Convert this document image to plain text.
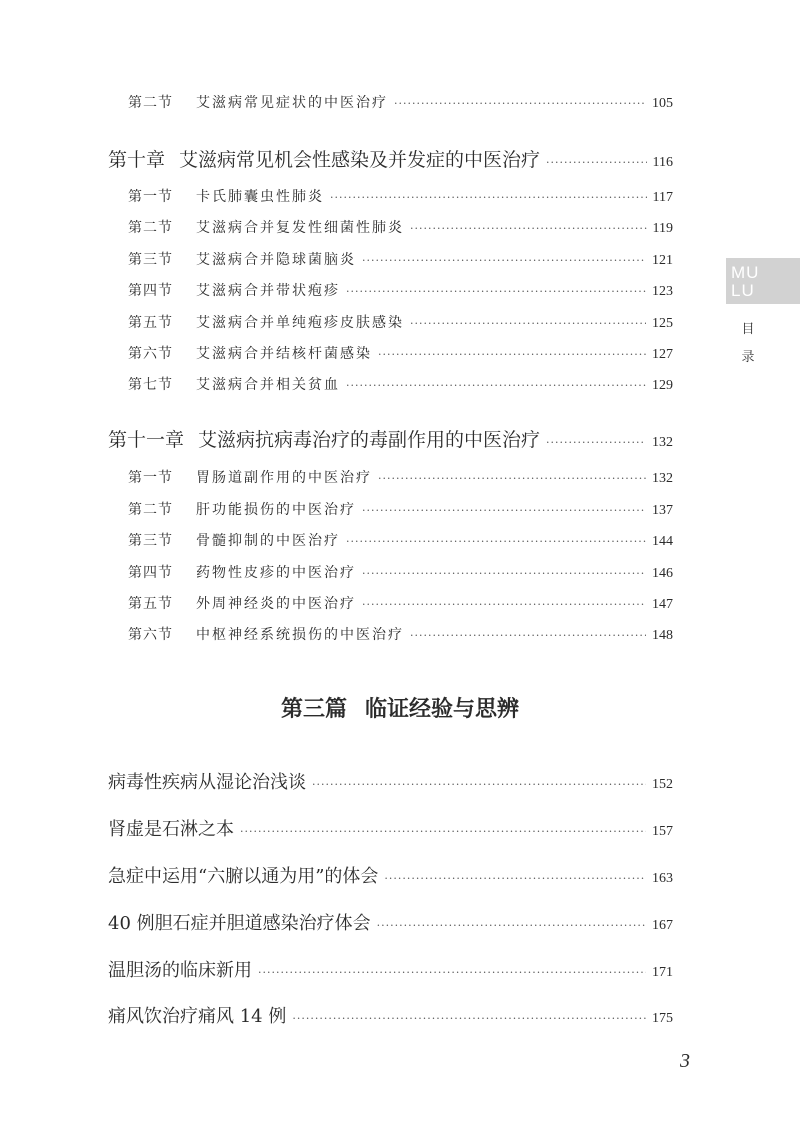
第二节	艾滋病常见症状的中医治疗 ·····	105
第十章 艾滋病常见机会性感染及并发症的中医治疗 ·····	116
第一节	卡氏肺囊虫性肺炎 ·····	117
第二节	艾滋病合并复发性细菌性肺炎 ·····	119
第三节	艾滋病合并隐球菌脑炎 ·····	121
第四节	艾滋病合并带状疱疹 ·····	123
第五节	艾滋病合并单纯疱疹皮肤感染 ·····	125
第六节	艾滋病合并结核杆菌感染 ·····	127
第七节	艾滋病合并相关贫血 ·····	129
第十一章 艾滋病抗病毒治疗的毒副作用的中医治疗 ·····	132
第一节	胃肠道副作用的中医治疗 ·····	132
第二节	肝功能损伤的中医治疗 ·····	137
第三节	骨髓抑制的中医治疗 ·····	144
第四节	药物性皮疹的中医治疗 ·····	146
第五节	外周神经炎的中医治疗 ·····	147
第六节	中枢神经系统损伤的中医治疗 ·····	148
第三篇 临证经验与思辨
病毒性疾病从湿论治浅谈 ·····	152
肾虚是石淋之本 ·····	157
急症中运用“六腑以通为用”的体会 ·····	163
40 例胆石症并胆道感染治疗体会 ·····	167
温胆汤的临床新用 ·····	171
痛风饮治疗痛风 14 例 ·····	175
MU
LU
目
录
3
